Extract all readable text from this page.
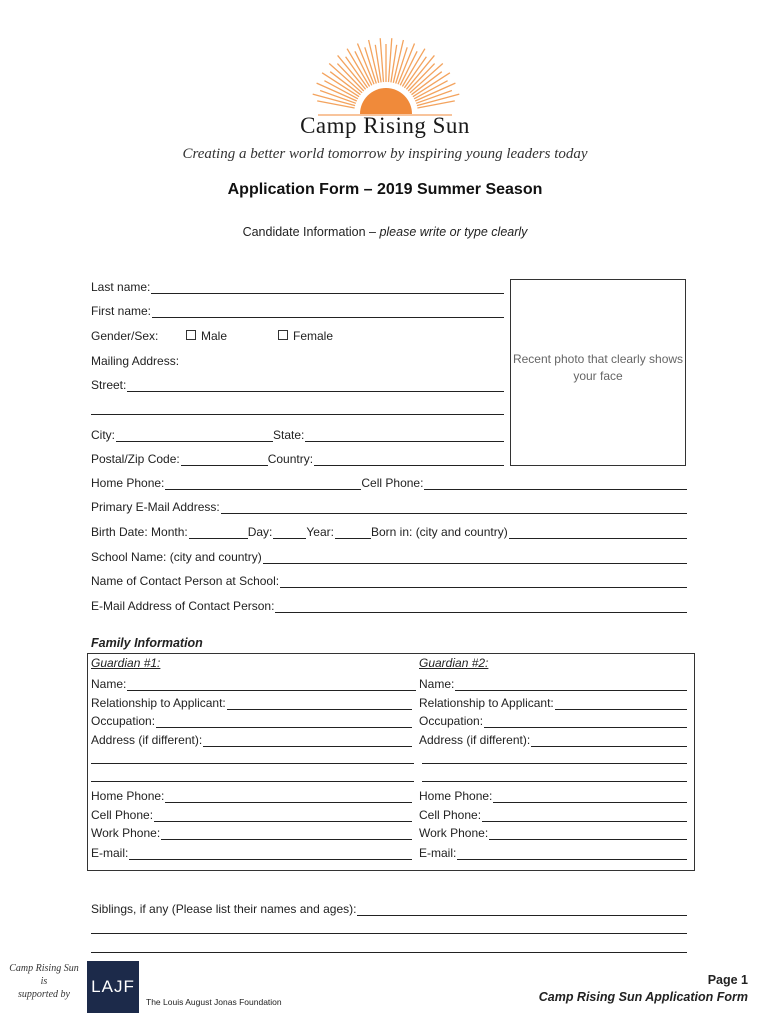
Camp Rising Sun
Creating a better world tomorrow by inspiring young leaders today
Application Form – 2019 Summer Season
Candidate Information – please write or type clearly
Last name:
First name:
Gender/Sex:	Male	Female
Mailing Address:
Street:
City:	State:
Postal/Zip Code:	Country:
Recent photo that clearly shows your face
Home Phone:	Cell Phone:
Primary E-Mail Address:
Birth Date: Month:	Day:	Year:	Born in: (city and country)
School Name: (city and country)
Name of Contact Person at School:
E-Mail Address of Contact Person:
Family Information
Guardian #1:
Name:
Relationship to Applicant:
Occupation:
Address (if different):
Home Phone:
Cell Phone:
Work Phone:
E-mail:
Guardian #2:
Name:
Relationship to Applicant:
Occupation:
Address (if different):
Home Phone:
Cell Phone:
Work Phone:
E-mail:
Siblings, if any (Please list their names and ages):
Camp Rising Sun
is
supported by	LAJF
The Louis August Jonas Foundation
Page 1
Camp Rising Sun Application Form
